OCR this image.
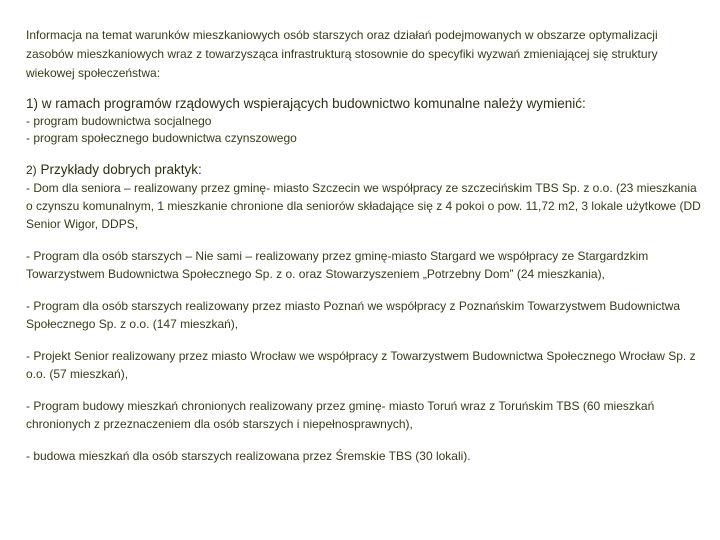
Informacja na temat warunków mieszkaniowych osób starszych oraz działań podejmowanych w obszarze optymalizacji zasobów mieszkaniowych wraz z towarzysząca infrastrukturą stosownie do specyfiki wyzwań zmieniającej się struktury wiekowej społeczeństwa:

1) w ramach programów rządowych wspierających budownictwo komunalne należy wymienić:

- program budownictwa socjalnego

- program społecznego budownictwa czynszowego

2) Przykłady dobrych praktyk:

- Dom dla seniora – realizowany przez gminę- miasto Szczecin we współpracy ze szczecińskim TBS Sp. z o.o. (23 mieszkania o czynszu komunalnym, 1 mieszkanie chronione dla seniorów składające się z 4 pokoi o pow. 11,72 m2, 3 lokale użytkowe (DD Senior Wigor, DDPS,

- Program dla osób starszych – Nie sami – realizowany przez gminę-miasto Stargard we współpracy ze Stargardzkim Towarzystwem Budownictwa Społecznego Sp. z o. oraz Stowarzyszeniem „Potrzebny Dom” (24 mieszkania),

- Program dla osób starszych realizowany przez miasto Poznań we współpracy z Poznańskim Towarzystwem Budownictwa Społecznego Sp. z o.o. (147 mieszkań),

- Projekt Senior realizowany przez miasto Wrocław we współpracy z Towarzystwem Budownictwa Społecznego Wrocław Sp. z o.o. (57 mieszkań),

- Program budowy mieszkań chronionych realizowany przez gminę- miasto Toruń wraz z Toruńskim TBS (60 mieszkań chronionych z przeznaczeniem dla osób starszych i niepełnosprawnych),

- budowa mieszkań dla osób starszych realizowana przez Śremskie TBS (30 lokali).
